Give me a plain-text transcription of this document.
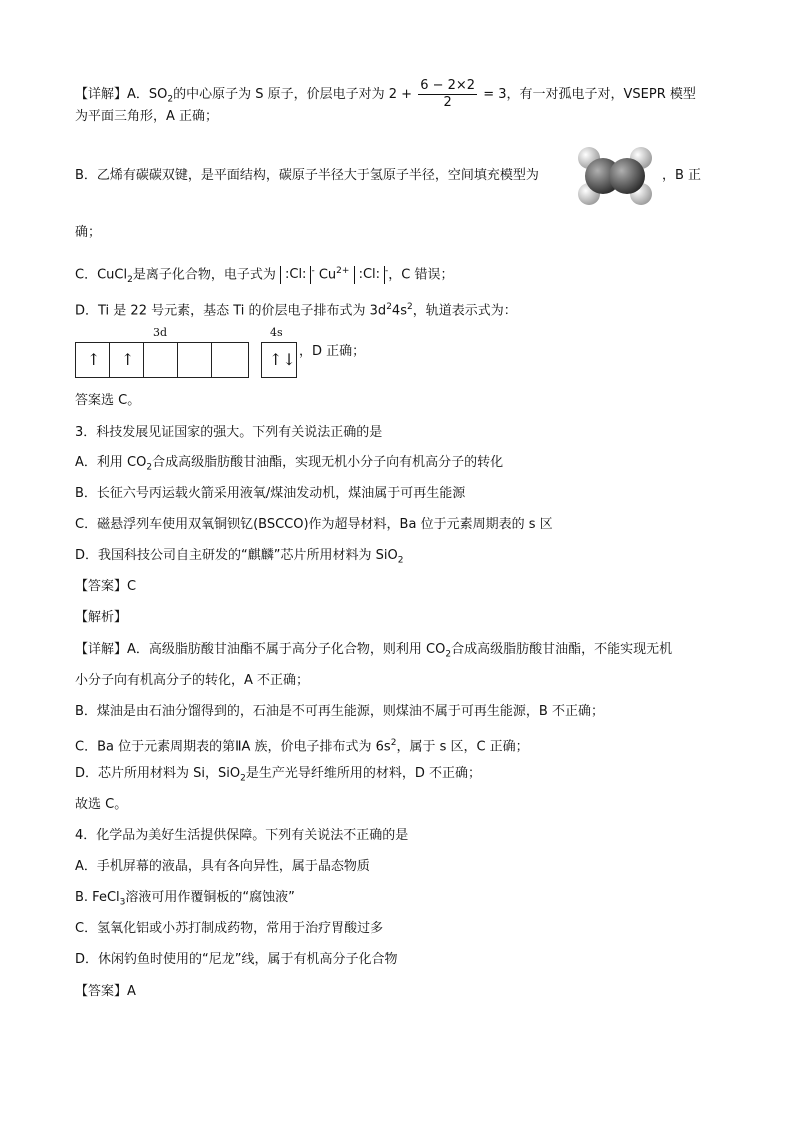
【详解】A．$SO_2$的中心原子为 S 原子，价层电子对为 $2 + \frac{6 - 2\times 2}{2} = 3$，有一对孤电子对，VSEPR 模型
为平面三角形，A 正确；
B．乙烯有碳碳双键，是平面结构，碳原子半径大于氢原子半径，空间填充模型为	，B 正
确；
C．CuCl$_2$是离子化合物，电子式为 :Cl: - $Cu^{2+}$ :Cl: -，C 错误；
D．Ti 是 22 号元素，基态 Ti 的价层电子排布式为 $3d^24s^2$，轨道表示式为：
3d	4s
↑ ↑	↑↓ ，D 正确；
答案选 C。
3．科技发展见证国家的强大。下列有关说法正确的是
A．利用 $CO_2$合成高级脂肪酸甘油酯，实现无机小分子向有机高分子的转化
B．长征六号丙运载火箭采用液氧/煤油发动机，煤油属于可再生能源
C．磁悬浮列车使用双氧铜钡钇(BSCCO)作为超导材料，Ba 位于元素周期表的 s 区
D．我国科技公司自主研发的“麒麟”芯片所用材料为 SiO$_2$
【答案】C
【解析】
【详解】A．高级脂肪酸甘油酯不属于高分子化合物，则利用 $CO_2$合成高级脂肪酸甘油酯，不能实现无机
小分子向有机高分子的转化，A 不正确；
B．煤油是由石油分馏得到的，石油是不可再生能源，则煤油不属于可再生能源，B 不正确；
C．Ba 位于元素周期表的第ⅡA 族，价电子排布式为 $6s^2$，属于 s 区，C 正确；
D．芯片所用材料为 Si，SiO$_2$是生产光导纤维所用的材料，D 不正确；
故选 C。
4．化学品为美好生活提供保障。下列有关说法不正确的是
A．手机屏幕的液晶，具有各向异性，属于晶态物质
B. FeCl$_3$溶液可用作覆铜板的“腐蚀液”
C．氢氧化铝或小苏打制成药物，常用于治疗胃酸过多
D．休闲钓鱼时使用的“尼龙”线，属于有机高分子化合物
【答案】A
